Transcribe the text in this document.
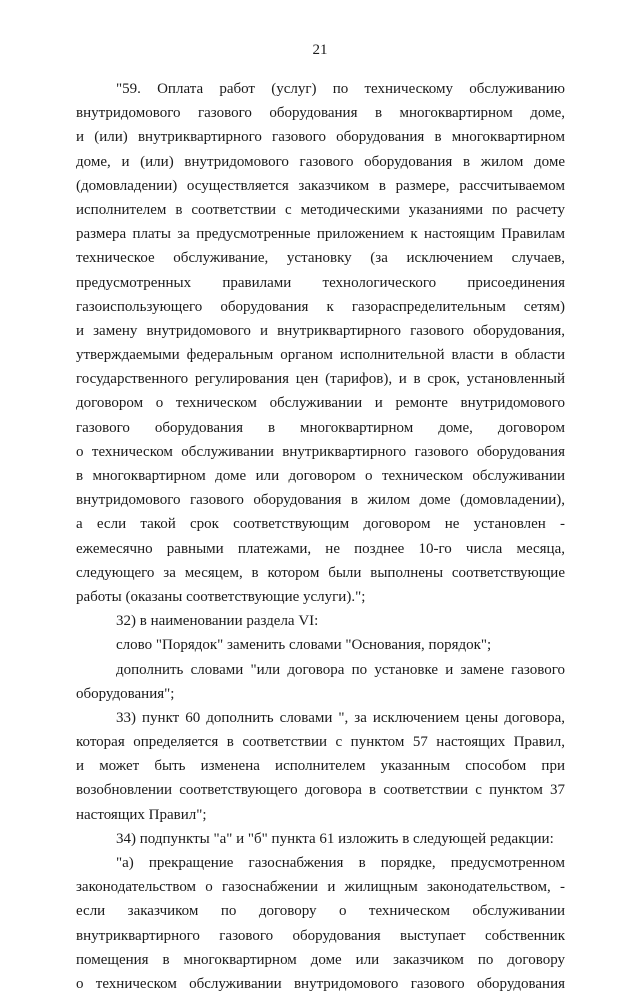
21
"59. Оплата работ (услуг) по техническому обслуживанию
внутридомового газового оборудования в многоквартирном доме,
и (или) внутриквартирного газового оборудования в многоквартирном
доме, и (или) внутридомового газового оборудования в жилом доме
(домовладении) осуществляется заказчиком в размере, рассчитываемом
исполнителем в соответствии с методическими указаниями по расчету
размера платы за предусмотренные приложением к настоящим Правилам
техническое обслуживание, установку (за исключением случаев,
предусмотренных правилами технологического присоединения
газоиспользующего оборудования к газораспределительным сетям)
и замену внутридомового и внутриквартирного газового оборудования,
утверждаемыми федеральным органом исполнительной власти в области
государственного регулирования цен (тарифов), и в срок, установленный
договором о техническом обслуживании и ремонте внутридомового
газового оборудования в многоквартирном доме, договором
о техническом обслуживании внутриквартирного газового оборудования
в многоквартирном доме или договором о техническом обслуживании
внутридомового газового оборудования в жилом доме (домовладении),
а если такой срок соответствующим договором не установлен -
ежемесячно равными платежами, не позднее 10-го числа месяца,
следующего за месяцем, в котором были выполнены соответствующие
работы (оказаны соответствующие услуги).";
32) в наименовании раздела VI:
слово "Порядок" заменить словами "Основания, порядок";
дополнить словами "или договора по установке и замене газового
оборудования";
33) пункт 60 дополнить словами ", за исключением цены договора,
которая определяется в соответствии с пунктом 57 настоящих Правил,
и может быть изменена исполнителем указанным способом при
возобновлении соответствующего договора в соответствии с пунктом 37
настоящих Правил";
34) подпункты "а" и "б" пункта 61 изложить в следующей редакции:
"а) прекращение газоснабжения в порядке, предусмотренном
законодательством о газоснабжении и жилищным законодательством, -
если заказчиком по договору о техническом обслуживании
внутриквартирного газового оборудования выступает собственник
помещения в многоквартирном доме или заказчиком по договору
о техническом обслуживании внутридомового газового оборудования
